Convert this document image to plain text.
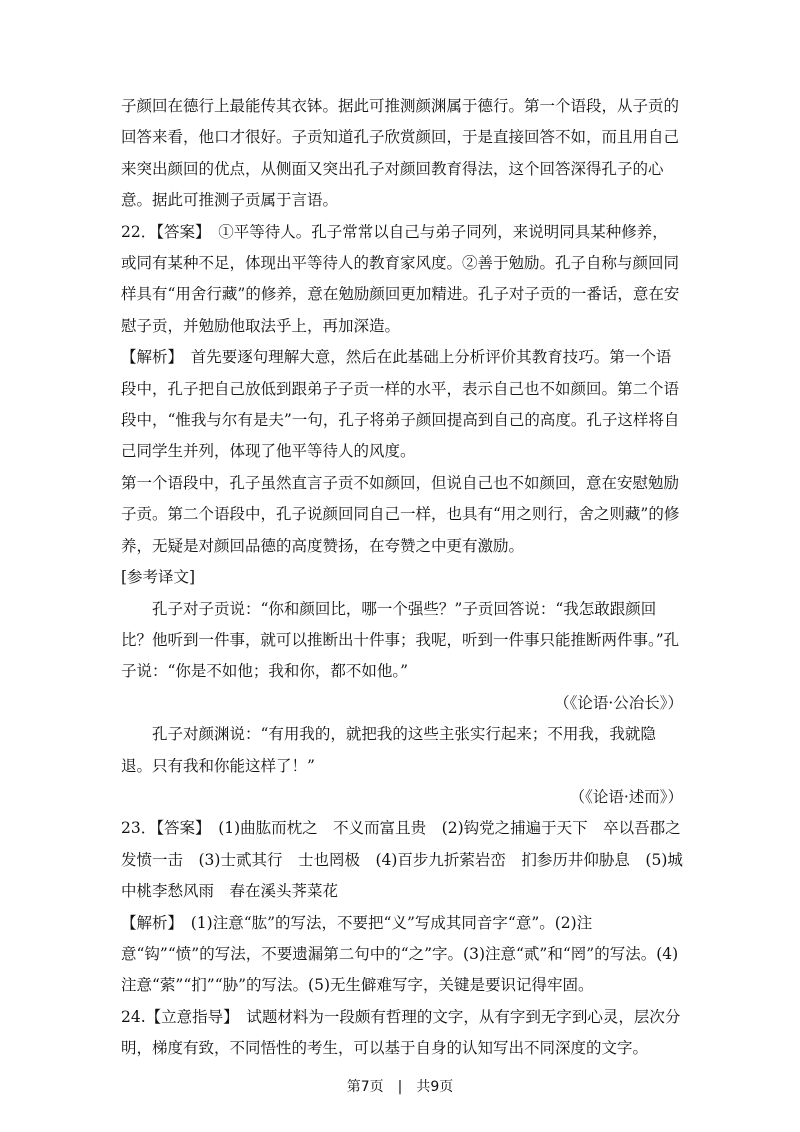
子颜回在德行上最能传其衣钵。据此可推测颜渊属于德行。第一个语段，从子贡的回答来看，他口才很好。子贡知道孔子欣赏颜回，于是直接回答不如，而且用自己来突出颜回的优点，从侧面又突出孔子对颜回教育得法，这个回答深得孔子的心意。据此可推测子贡属于言语。

22．【答案】　①平等待人。孔子常常以自己与弟子同列，来说明同具某种修养，或同有某种不足，体现出平等待人的教育家风度。②善于勉励。孔子自称与颜回同样具有“用舍行藏”的修养，意在勉励颜回更加精进。孔子对子贡的一番话，意在安慰子贡，并勉励他取法乎上，再加深造。

【解析】　首先要逐句理解大意，然后在此基础上分析评价其教育技巧。第一个语段中，孔子把自己放低到跟弟子子贡一样的水平，表示自己也不如颜回。第二个语段中，“惟我与尔有是夫”一句，孔子将弟子颜回提高到自己的高度。孔子这样将自己同学生并列，体现了他平等待人的风度。

第一个语段中，孔子虽然直言子贡不如颜回，但说自己也不如颜回，意在安慰勉励子贡。第二个语段中，孔子说颜回同自己一样，也具有“用之则行，舍之则藏”的修养，无疑是对颜回品德的高度赞扬，在夸赞之中更有激励。

[参考译文]

孔子对子贡说：“你和颜回比，哪一个强些？”子贡回答说：“我怎敢跟颜回比？他听到一件事，就可以推断出十件事；我呢，听到一件事只能推断两件事。”孔子说：“你是不如他；我和你，都不如他。”

（《论语·公冶长》）

孔子对颜渊说：“有用我的，就把我的这些主张实行起来；不用我，我就隐退。只有我和你能这样了！”

（《论语·述而》）

23．【答案】　(1)曲肱而枕之　不义而富且贵　(2)钩党之捕遍于天下　卒以吾郡之发愤一击　(3)士贰其行　士也罔极　(4)百步九折萦岩峦　扪参历井仰胁息　(5)城中桃李愁风雨　春在溪头荠菜花

【解析】　(1)注意“肱”的写法，不要把“义”写成其同音字“意”。(2)注意“钩”“愤”的写法，不要遗漏第二句中的“之”字。(3)注意“贰”和“罔”的写法。(4)注意“萦”“扪”“胁”的写法。(5)无生僻难写字，关键是要识记得牢固。

24.【立意指导】　试题材料为一段颇有哲理的文字，从有字到无字到心灵，层次分明，梯度有致，不同悟性的考生，可以基于自身的认知写出不同深度的文字。

第7页　|　共9页
